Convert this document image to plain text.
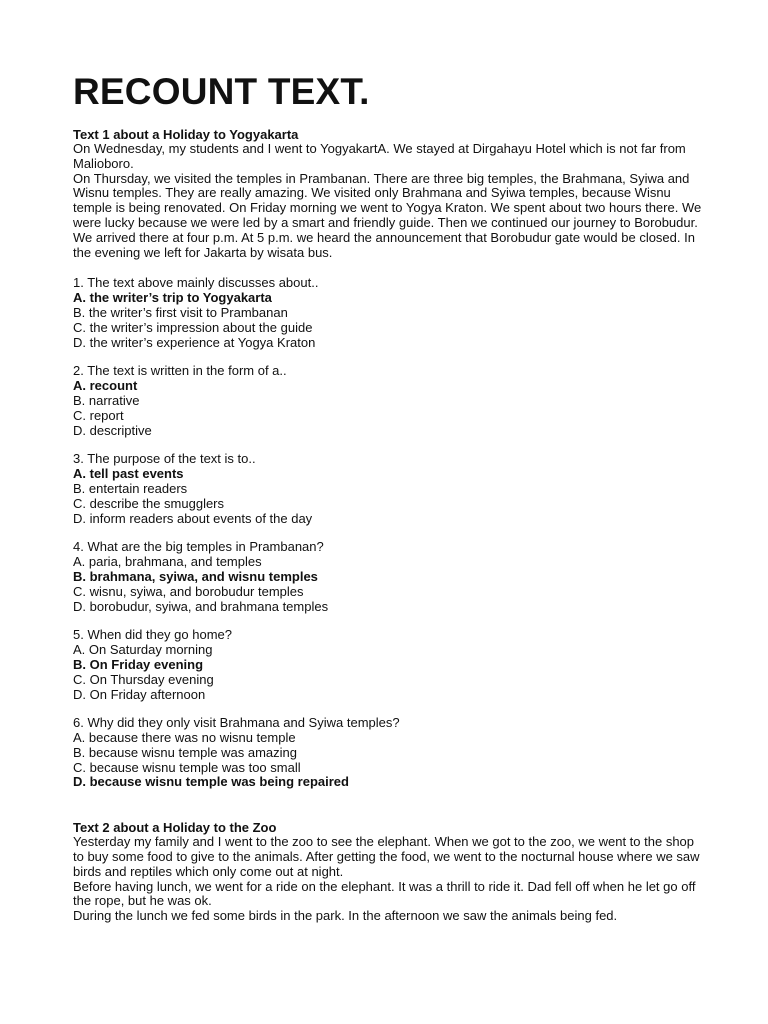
RECOUNT TEXT.

Text 1 about a Holiday to Yogyakarta

On Wednesday, my students and I went to YogyakartA. We stayed at Dirgahayu Hotel which is not far from Malioboro.

On Thursday, we visited the temples in Prambanan. There are three big temples, the Brahmana, Syiwa and Wisnu temples. They are really amazing. We visited only Brahmana and Syiwa temples, because Wisnu temple is being renovated. On Friday morning we went to Yogya Kraton. We spent about two hours there. We were lucky because we were led by a smart and friendly guide. Then we continued our journey to Borobudur. We arrived there at four p.m. At 5 p.m. we heard the announcement that Borobudur gate would be closed. In the evening we left for Jakarta by wisata bus.

1. The text above mainly discusses about..

A. the writer’s trip to Yogyakarta

B. the writer’s first visit to Prambanan

C. the writer’s impression about the guide

D. the writer’s experience at Yogya Kraton

2. The text is written in the form of a..

A. recount

B. narrative

C. report

D. descriptive

3. The purpose of the text is to..

A. tell past events

B. entertain readers

C. describe the smugglers

D. inform readers about events of the day

4. What are the big temples in Prambanan?

A. paria, brahmana, and temples

B. brahmana, syiwa, and wisnu temples

C. wisnu, syiwa, and borobudur temples

D. borobudur, syiwa, and brahmana temples

5. When did they go home?

A. On Saturday morning

B. On Friday evening

C. On Thursday evening

D. On Friday afternoon

6. Why did they only visit Brahmana and Syiwa temples?

A. because there was no wisnu temple

B. because wisnu temple was amazing

C. because wisnu temple was too small

D. because wisnu temple was being repaired

Text 2 about a Holiday to the Zoo

Yesterday my family and I went to the zoo to see the elephant. When we got to the zoo, we went to the shop to buy some food to give to the animals. After getting the food, we went to the nocturnal house where we saw birds and reptiles which only come out at night.

Before having lunch, we went for a ride on the elephant. It was a thrill to ride it. Dad fell off when he let go off the rope, but he was ok.

During the lunch we fed some birds in the park. In the afternoon we saw the animals being fed.
